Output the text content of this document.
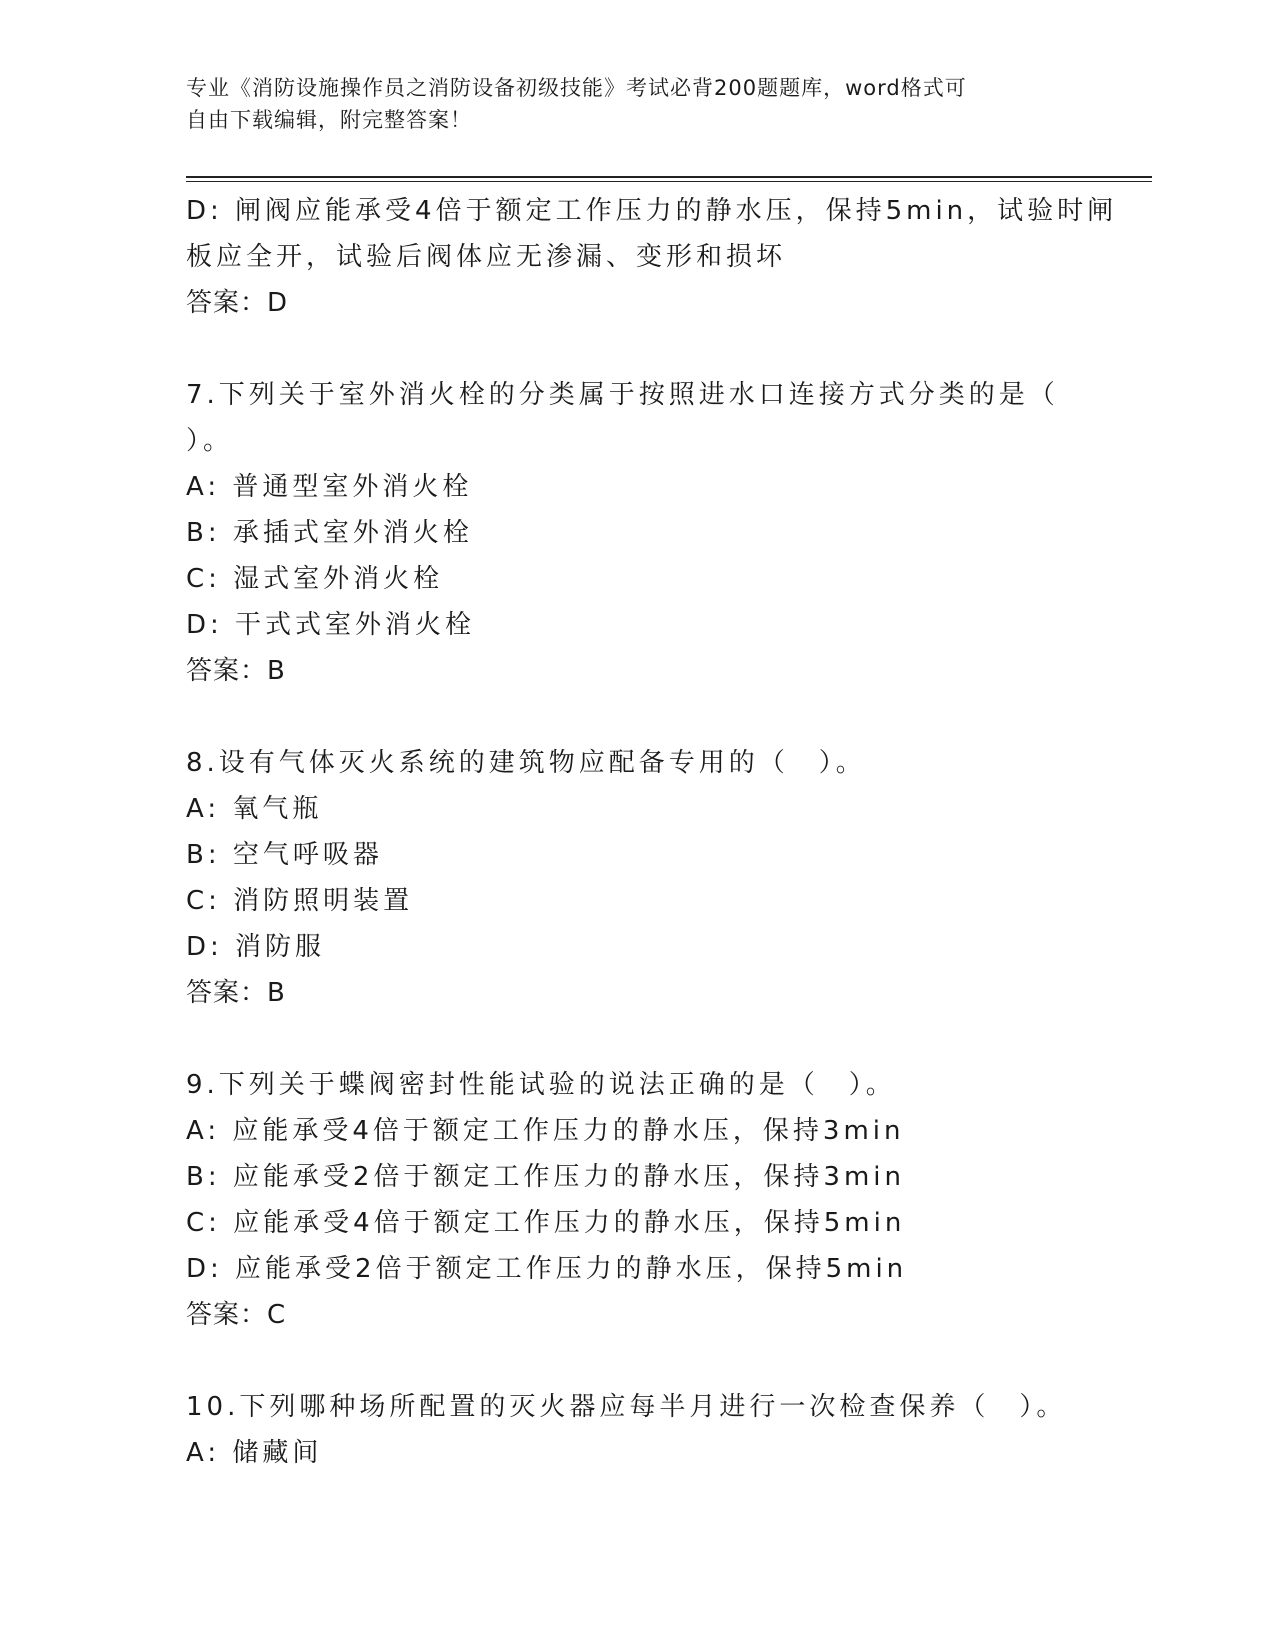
专业《消防设施操作员之消防设备初级技能》考试必背200题题库，word格式可
自由下载编辑，附完整答案！
D: 闸阀应能承受4倍于额定工作压力的静水压，保持5min，试验时闸
板应全开，试验后阀体应无渗漏、变形和损坏
答案：D
7.下列关于室外消火栓的分类属于按照进水口连接方式分类的是（
）。
A: 普通型室外消火栓
B: 承插式室外消火栓
C: 湿式室外消火栓
D: 干式式室外消火栓
答案：B
8.设有气体灭火系统的建筑物应配备专用的（　）。
A: 氧气瓶
B: 空气呼吸器
C: 消防照明装置
D: 消防服
答案：B
9.下列关于蝶阀密封性能试验的说法正确的是（　）。
A: 应能承受4倍于额定工作压力的静水压，保持3min
B: 应能承受2倍于额定工作压力的静水压，保持3min
C: 应能承受4倍于额定工作压力的静水压，保持5min
D: 应能承受2倍于额定工作压力的静水压，保持5min
答案：C
10.下列哪种场所配置的灭火器应每半月进行一次检查保养（　）。
A: 储藏间
